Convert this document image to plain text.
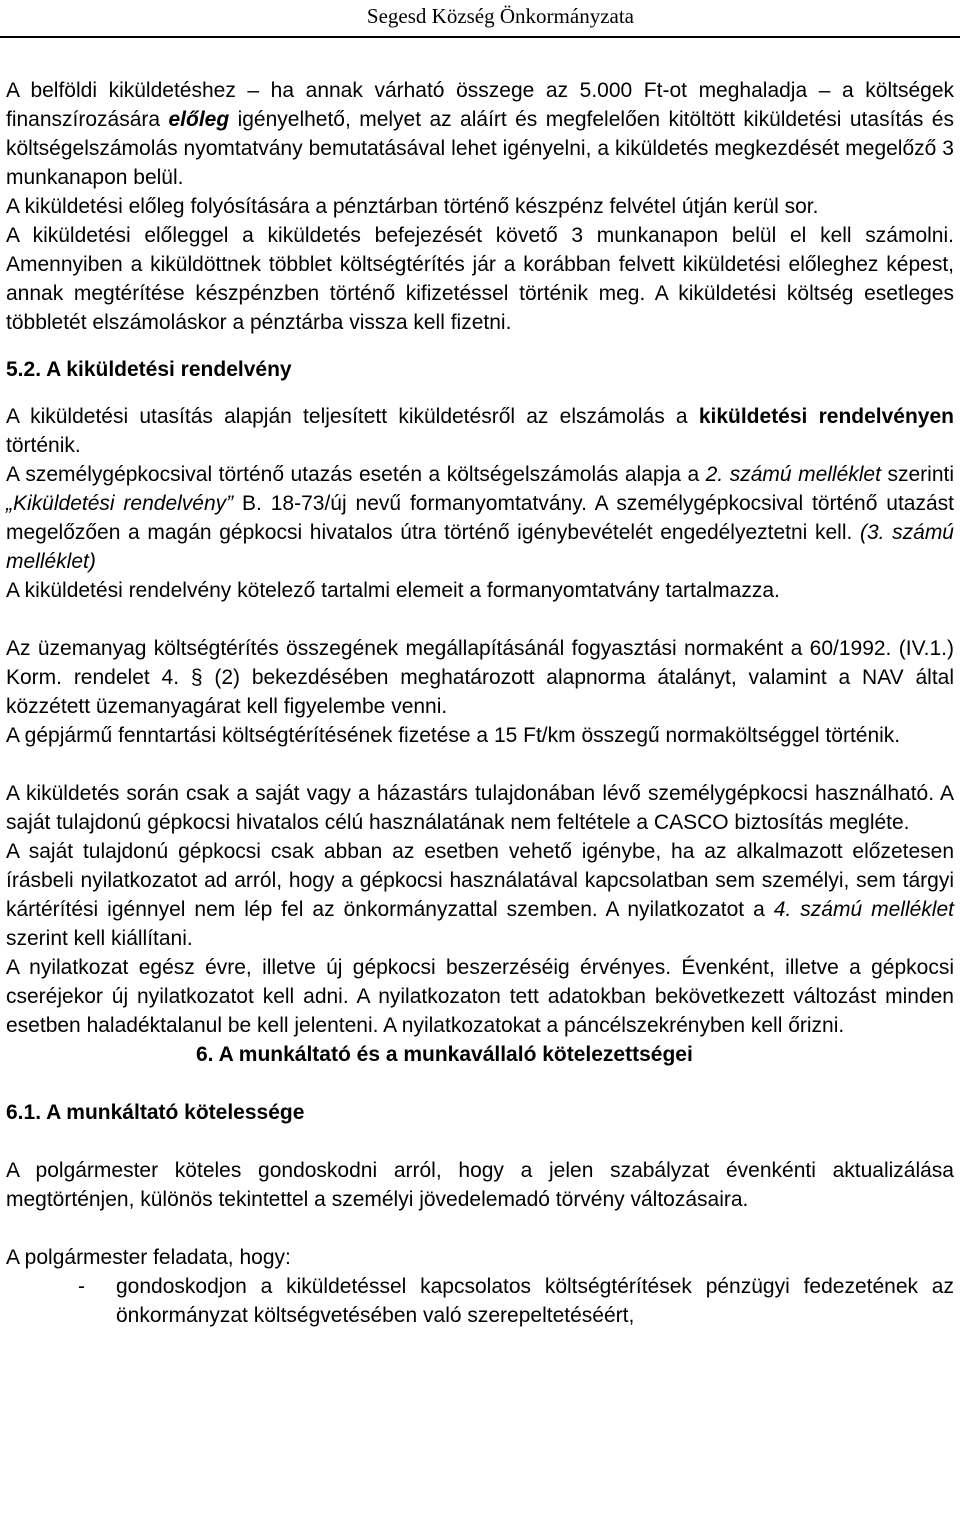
Segesd Község Önkormányzata

A belföldi kiküldetéshez – ha annak várható összege az 5.000 Ft-ot meghaladja – a költségek finanszírozására előleg igényelhető, melyet az aláírt és megfelelően kitöltött kiküldetési utasítás és költségelszámolás nyomtatvány bemutatásával lehet igényelni, a kiküldetés megkezdését megelőző 3 munkanapon belül.

A kiküldetési előleg folyósítására a pénztárban történő készpénz felvétel útján kerül sor.

A kiküldetési előleggel a kiküldetés befejezését követő 3 munkanapon belül el kell számolni. Amennyiben a kiküldöttnek többlet költségtérítés jár a korábban felvett kiküldetési előleghez képest, annak megtérítése készpénzben történő kifizetéssel történik meg. A kiküldetési költség esetleges többletét elszámoláskor a pénztárba vissza kell fizetni.

5.2. A kiküldetési rendelvény

A kiküldetési utasítás alapján teljesített kiküldetésről az elszámolás a kiküldetési rendelvényen történik.

A személygépkocsival történő utazás esetén a költségelszámolás alapja a 2. számú melléklet szerinti „Kiküldetési rendelvény” B. 18-73/új nevű formanyomtatvány. A személygépkocsival történő utazást megelőzően a magán gépkocsi hivatalos útra történő igénybevételét engedélyeztetni kell. (3. számú melléklet)

A kiküldetési rendelvény kötelező tartalmi elemeit a formanyomtatvány tartalmazza.

Az üzemanyag költségtérítés összegének megállapításánál fogyasztási normaként a 60/1992. (IV.1.) Korm. rendelet 4. § (2) bekezdésében meghatározott alapnorma átalányt, valamint a NAV által közzétett üzemanyagárat kell figyelembe venni.

A gépjármű fenntartási költségtérítésének fizetése a 15 Ft/km összegű normaköltséggel történik.

A kiküldetés során csak a saját vagy a házastárs tulajdonában lévő személygépkocsi használható. A saját tulajdonú gépkocsi hivatalos célú használatának nem feltétele a CASCO biztosítás megléte.

A saját tulajdonú gépkocsi csak abban az esetben vehető igénybe, ha az alkalmazott előzetesen írásbeli nyilatkozatot ad arról, hogy a gépkocsi használatával kapcsolatban sem személyi, sem tárgyi kártérítési igénnyel nem lép fel az önkormányzattal szemben. A nyilatkozatot a 4. számú melléklet szerint kell kiállítani.

A nyilatkozat egész évre, illetve új gépkocsi beszerzéséig érvényes. Évenként, illetve a gépkocsi cseréjekor új nyilatkozatot kell adni. A nyilatkozaton tett adatokban bekövetkezett változást minden esetben haladéktalanul be kell jelenteni. A nyilatkozatokat a páncélszekrényben kell őrizni.

6. A munkáltató és a munkavállaló kötelezettségei
6.1. A munkáltató kötelessége

A polgármester köteles gondoskodni arról, hogy a jelen szabályzat évenkénti aktualizálása megtörténjen, különös tekintettel a személyi jövedelemadó törvény változásaira.

A polgármester feladata, hogy:

- gondoskodjon a kiküldetéssel kapcsolatos költségtérítések pénzügyi fedezetének az önkormányzat költségvetésében való szerepeltetéséért,
